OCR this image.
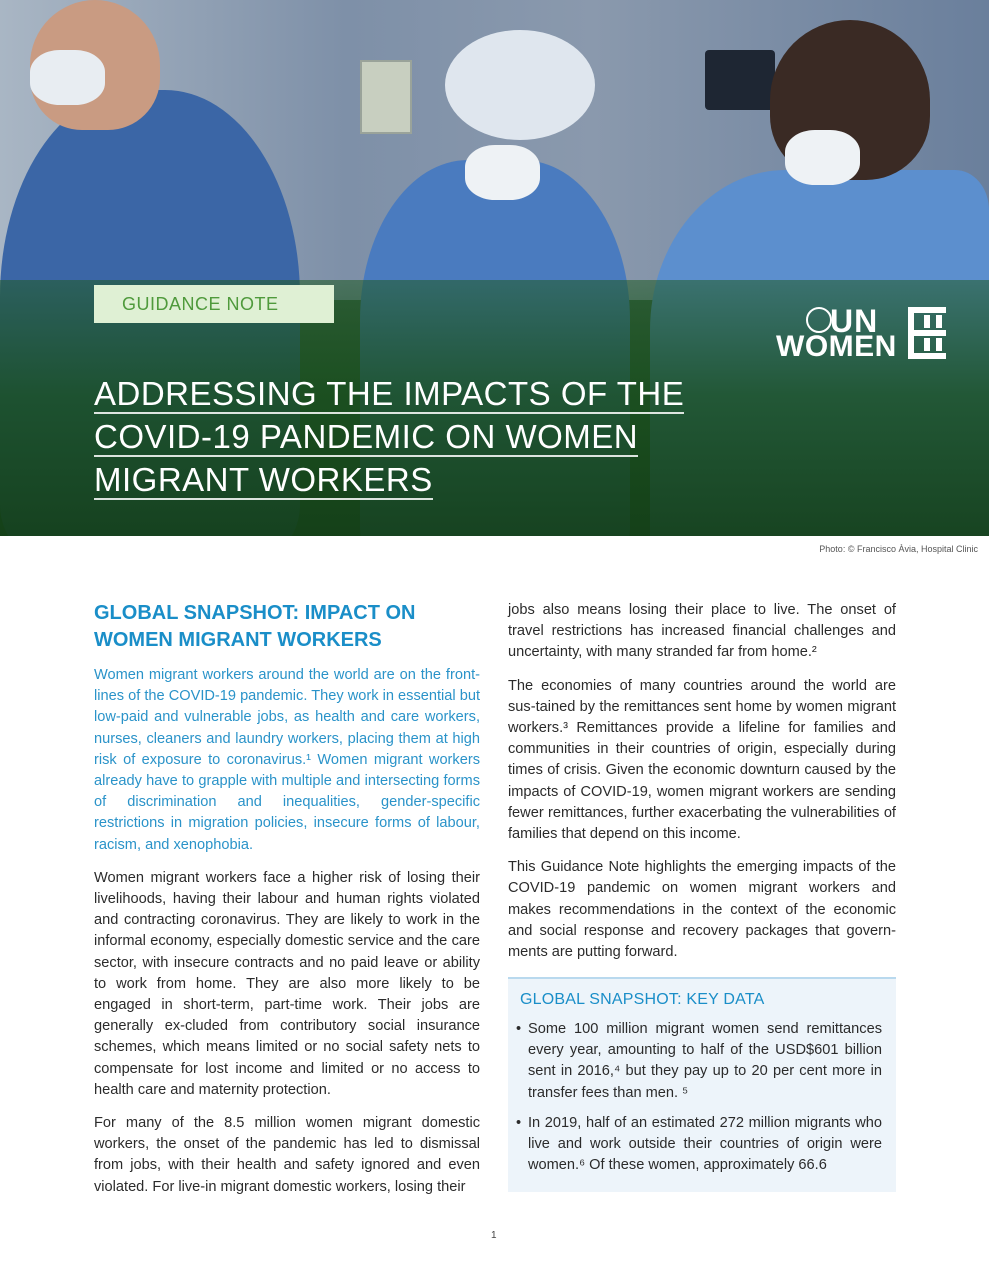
GUIDANCE NOTE	UN
WOMEN
ADDRESSING THE IMPACTS OF THE
COVID-19 PANDEMIC ON WOMEN
MIGRANT WORKERS
Photo: © Francisco Àvia, Hospital Clinic
GLOBAL SNAPSHOT: IMPACT ON WOMEN MIGRANT WORKERS

Women migrant workers around the world are on the front-lines of the COVID-19 pandemic. They work in essential but low-paid and vulnerable jobs, as health and care workers, nurses, cleaners and laundry workers, placing them at high risk of exposure to coronavirus.¹ Women migrant workers already have to grapple with multiple and intersecting forms of discrimination and inequalities, gender-specific restrictions in migration policies, insecure forms of labour, racism, and xenophobia.

Women migrant workers face a higher risk of losing their livelihoods, having their labour and human rights violated and contracting coronavirus. They are likely to work in the informal economy, especially domestic service and the care sector, with insecure contracts and no paid leave or ability to work from home. They are also more likely to be engaged in short-term, part-time work. Their jobs are generally ex-cluded from contributory social insurance schemes, which means limited or no social safety nets to compensate for lost income and limited or no access to health care and maternity protection.

For many of the 8.5 million women migrant domestic workers, the onset of the pandemic has led to dismissal from jobs, with their health and safety ignored and even violated. For live-in migrant domestic workers, losing their

jobs also means losing their place to live. The onset of travel restrictions has increased financial challenges and uncertainty, with many stranded far from home.²

The economies of many countries around the world are sus-tained by the remittances sent home by women migrant workers.³ Remittances provide a lifeline for families and communities in their countries of origin, especially during times of crisis. Given the economic downturn caused by the impacts of COVID-19, women migrant workers are sending fewer remittances, further exacerbating the vulnerabilities of families that depend on this income.

This Guidance Note highlights the emerging impacts of the COVID-19 pandemic on women migrant workers and makes recommendations in the context of the economic and social response and recovery packages that govern-ments are putting forward.

GLOBAL SNAPSHOT: KEY DATA
• Some 100 million migrant women send remittances every year, amounting to half of the USD$601 billion sent in 2016,⁴ but they pay up to 20 per cent more in transfer fees than men. ⁵
• In 2019, half of an estimated 272 million migrants who live and work outside their countries of origin were women.⁶ Of these women, approximately 66.6
1
